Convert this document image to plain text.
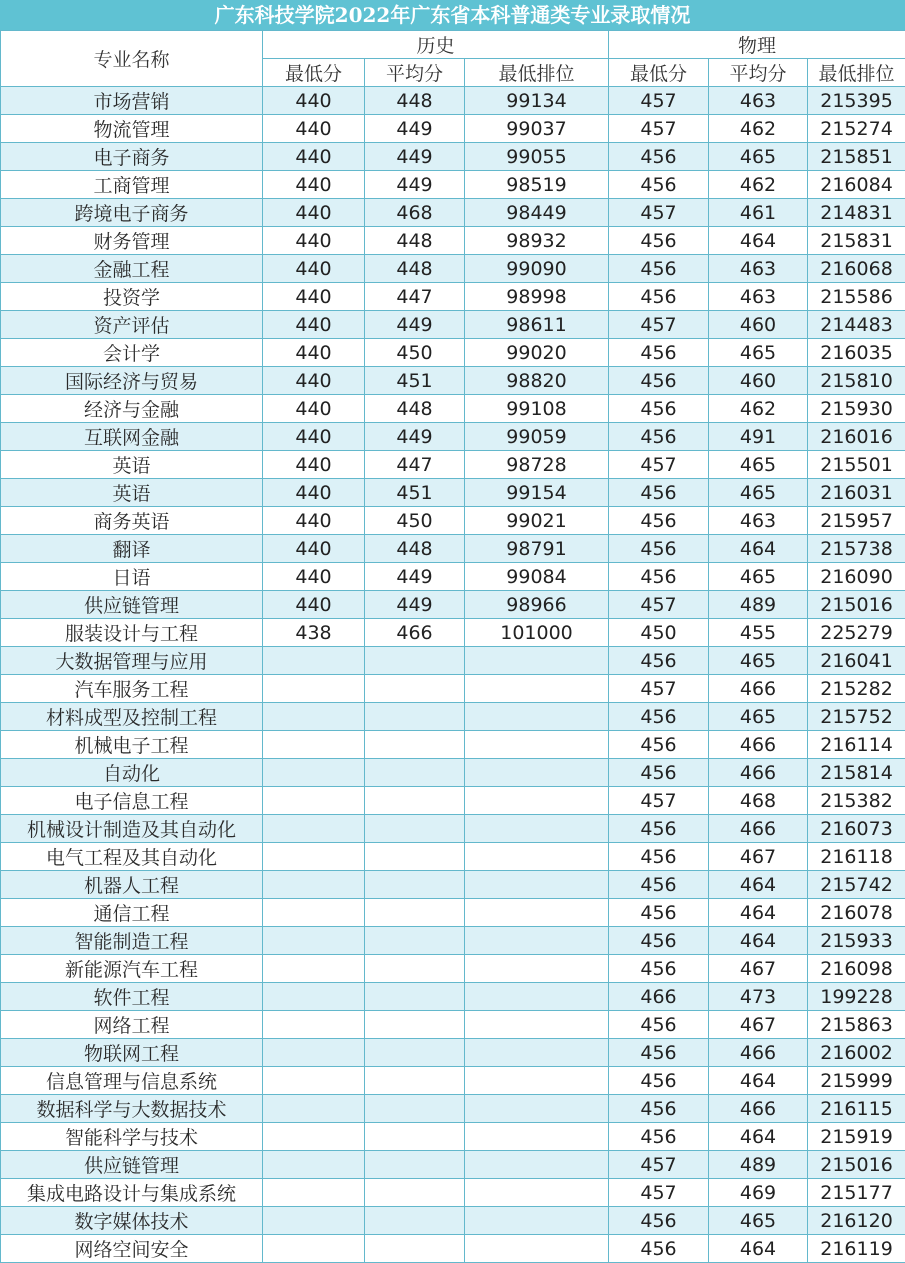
广东科技学院2022年广东省本科普通类专业录取情况
专业名称	历史			物理		
	最低分	平均分	最低排位	最低分	平均分	最低排位
市场营销	440	448	99134	457	463	215395
物流管理	440	449	99037	457	462	215274
电子商务	440	449	99055	456	465	215851
工商管理	440	449	98519	456	462	216084
跨境电子商务	440	468	98449	457	461	214831
财务管理	440	448	98932	456	464	215831
金融工程	440	448	99090	456	463	216068
投资学	440	447	98998	456	463	215586
资产评估	440	449	98611	457	460	214483
会计学	440	450	99020	456	465	216035
国际经济与贸易	440	451	98820	456	460	215810
经济与金融	440	448	99108	456	462	215930
互联网金融	440	449	99059	456	491	216016
英语	440	447	98728	457	465	215501
英语	440	451	99154	456	465	216031
商务英语	440	450	99021	456	463	215957
翻译	440	448	98791	456	464	215738
日语	440	449	99084	456	465	216090
供应链管理	440	449	98966	457	489	215016
服装设计与工程	438	466	101000	450	455	225279
大数据管理与应用				456	465	216041
汽车服务工程				457	466	215282
材料成型及控制工程				456	465	215752
机械电子工程				456	466	216114
自动化				456	466	215814
电子信息工程				457	468	215382
机械设计制造及其自动化				456	466	216073
电气工程及其自动化				456	467	216118
机器人工程				456	464	215742
通信工程				456	464	216078
智能制造工程				456	464	215933
新能源汽车工程				456	467	216098
软件工程				466	473	199228
网络工程				456	467	215863
物联网工程				456	466	216002
信息管理与信息系统				456	464	215999
数据科学与大数据技术				456	466	216115
智能科学与技术				456	464	215919
供应链管理				457	489	215016
集成电路设计与集成系统				457	469	215177
数字媒体技术				456	465	216120
网络空间安全				456	464	216119
